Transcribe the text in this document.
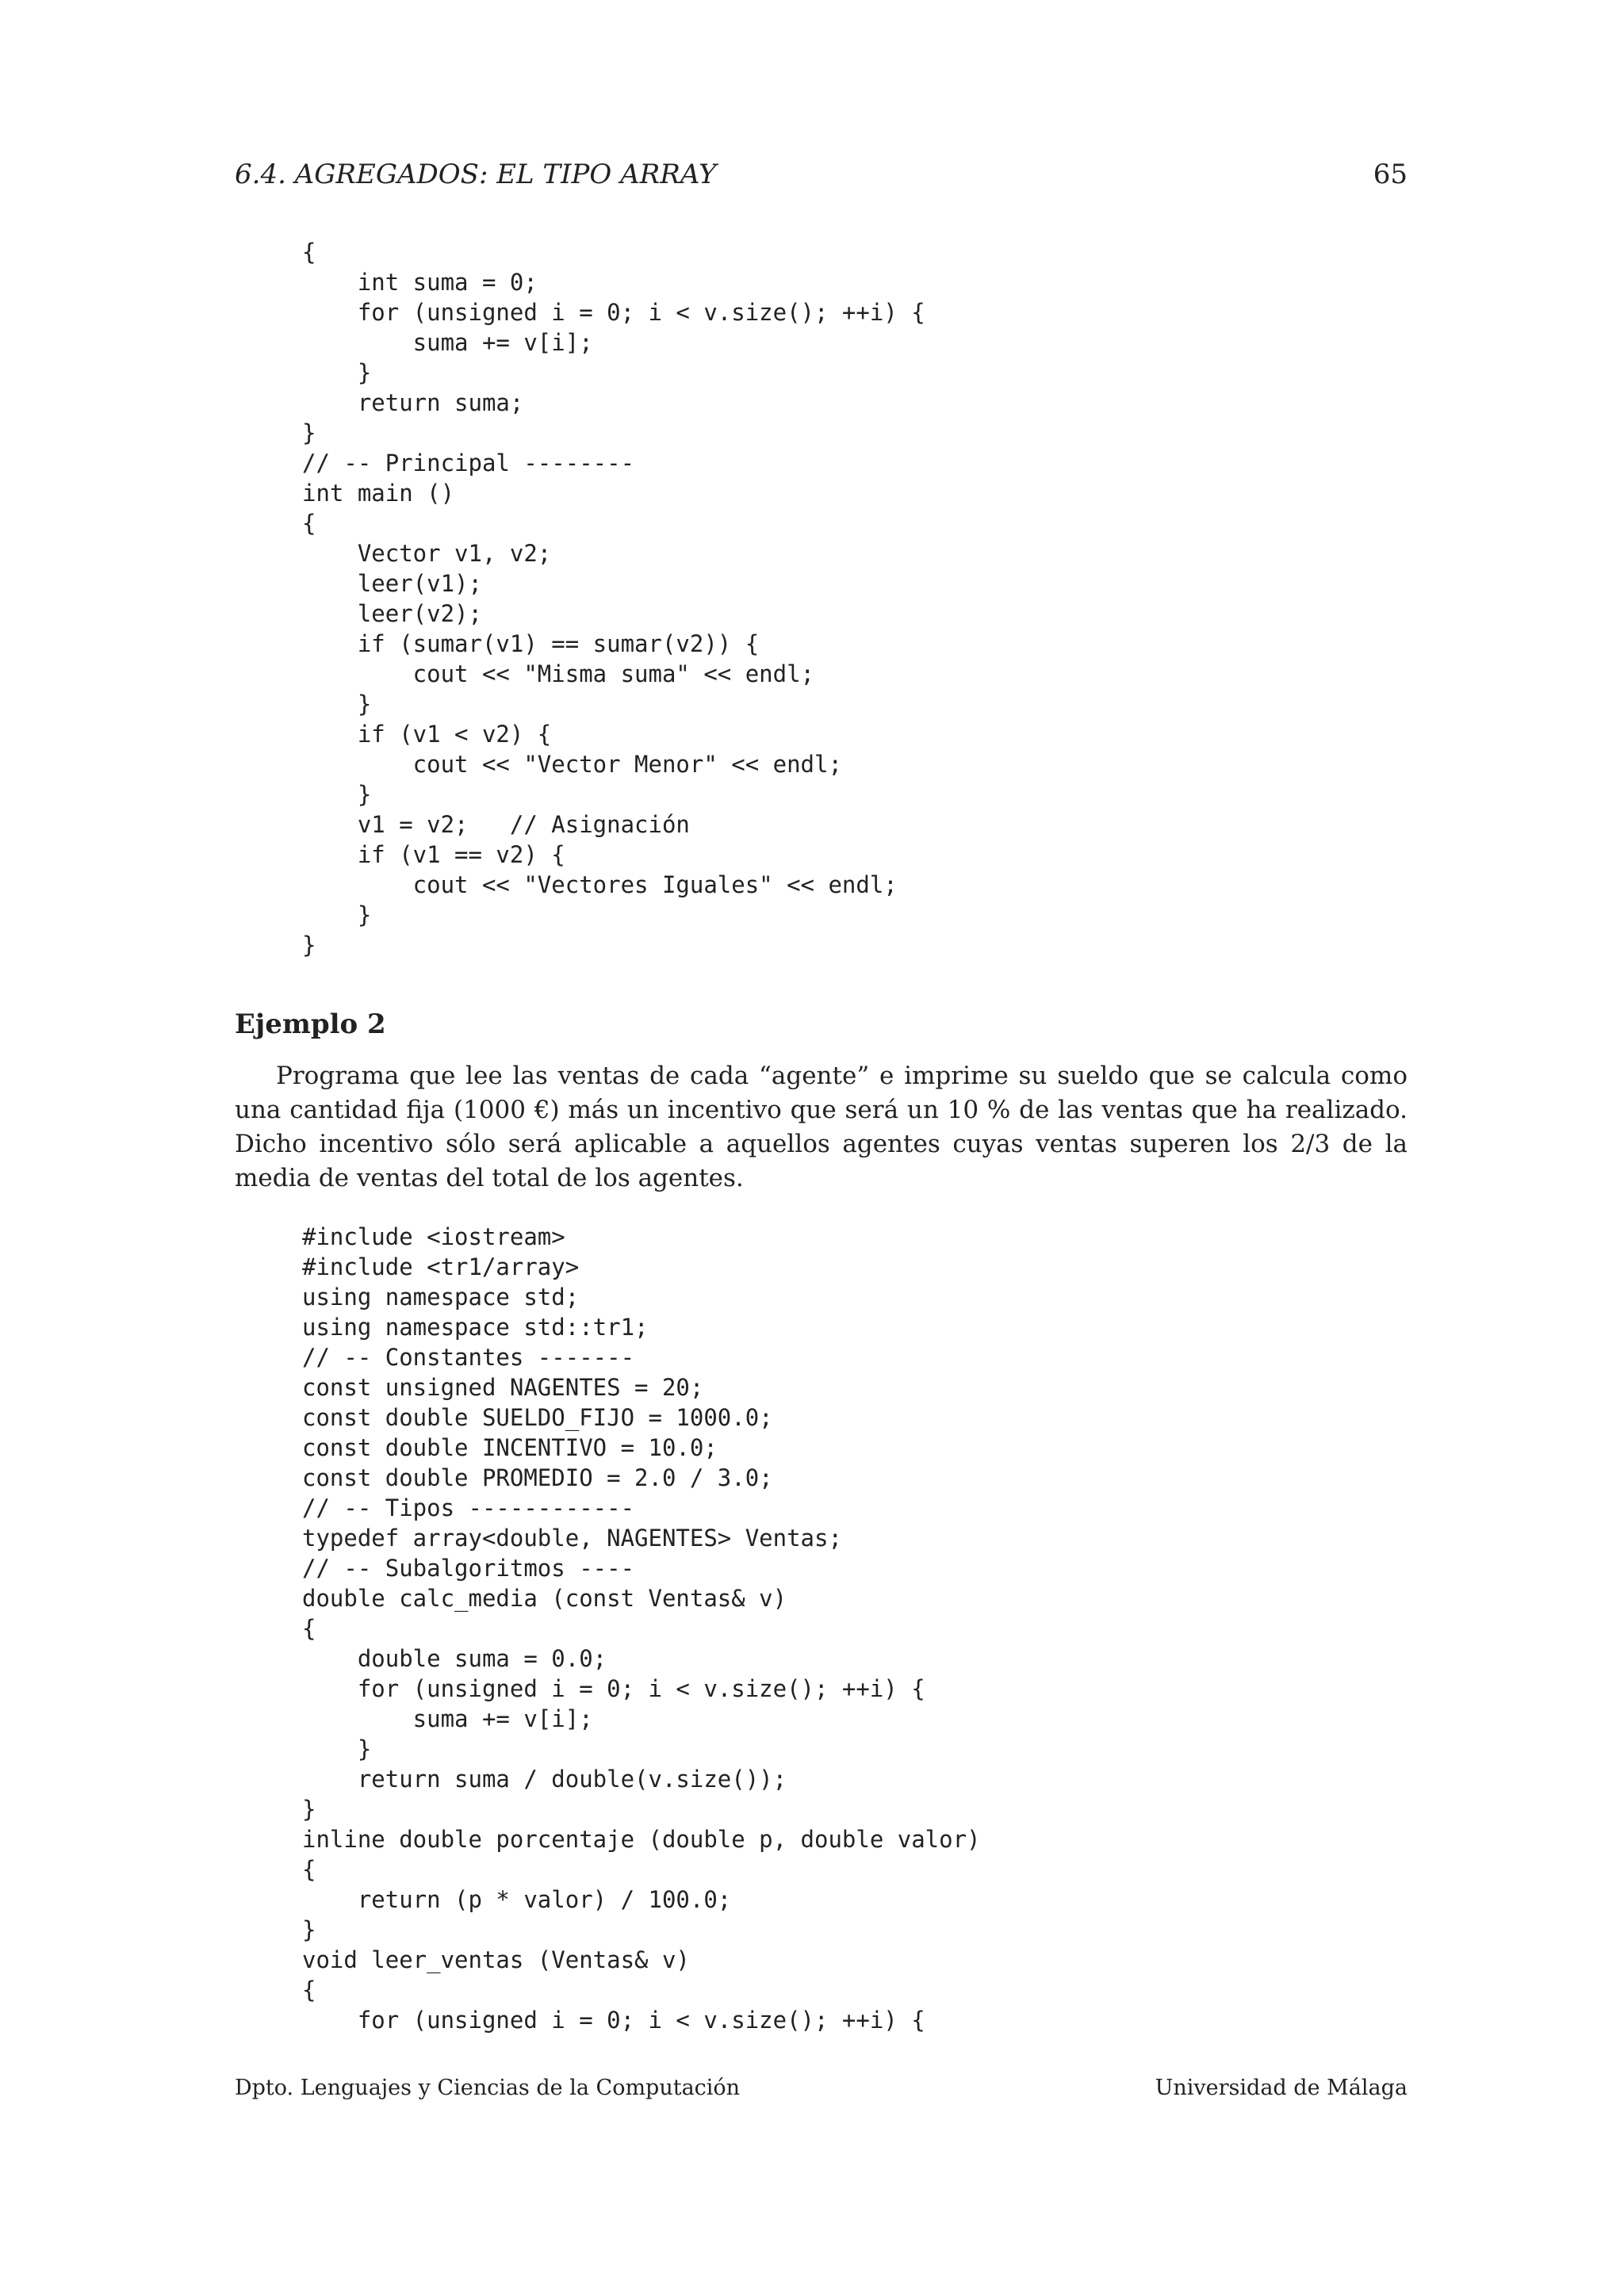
6.4. AGREGADOS: EL TIPO ARRAY	65
{
int suma = 0;
for (unsigned i = 0; i < v.size(); ++i) {
suma += v[i];
}
return suma;
}
// -- Principal --------
int main ()
{
Vector v1, v2;
leer(v1);
leer(v2);
if (sumar(v1) == sumar(v2)) {
cout << "Misma suma" << endl;
}
if (v1 < v2) {
cout << "Vector Menor" << endl;
}
v1 = v2;   // Asignación
if (v1 == v2) {
cout << "Vectores Iguales" << endl;
}
}
Ejemplo 2

Programa que lee las ventas de cada “agente” e imprime su sueldo que se calcula como una cantidad fija (1000 €) más un incentivo que será un 10 % de las ventas que ha realizado. Dicho incentivo sólo será aplicable a aquellos agentes cuyas ventas superen los 2/3 de la media de ventas del total de los agentes.

#include <iostream>
#include <tr1/array>
using namespace std;
using namespace std::tr1;
// -- Constantes -------
const unsigned NAGENTES = 20;
const double SUELDO_FIJO = 1000.0;
const double INCENTIVO = 10.0;
const double PROMEDIO = 2.0 / 3.0;
// -- Tipos ------------
typedef array<double, NAGENTES> Ventas;
// -- Subalgoritmos ----
double calc_media (const Ventas& v)
{
double suma = 0.0;
for (unsigned i = 0; i < v.size(); ++i) {
suma += v[i];
}
return suma / double(v.size());
}
inline double porcentaje (double p, double valor)
{
return (p * valor) / 100.0;
}
void leer_ventas (Ventas& v)
{
for (unsigned i = 0; i < v.size(); ++i) {
Dpto. Lenguajes y Ciencias de la Computación	Universidad de Málaga
